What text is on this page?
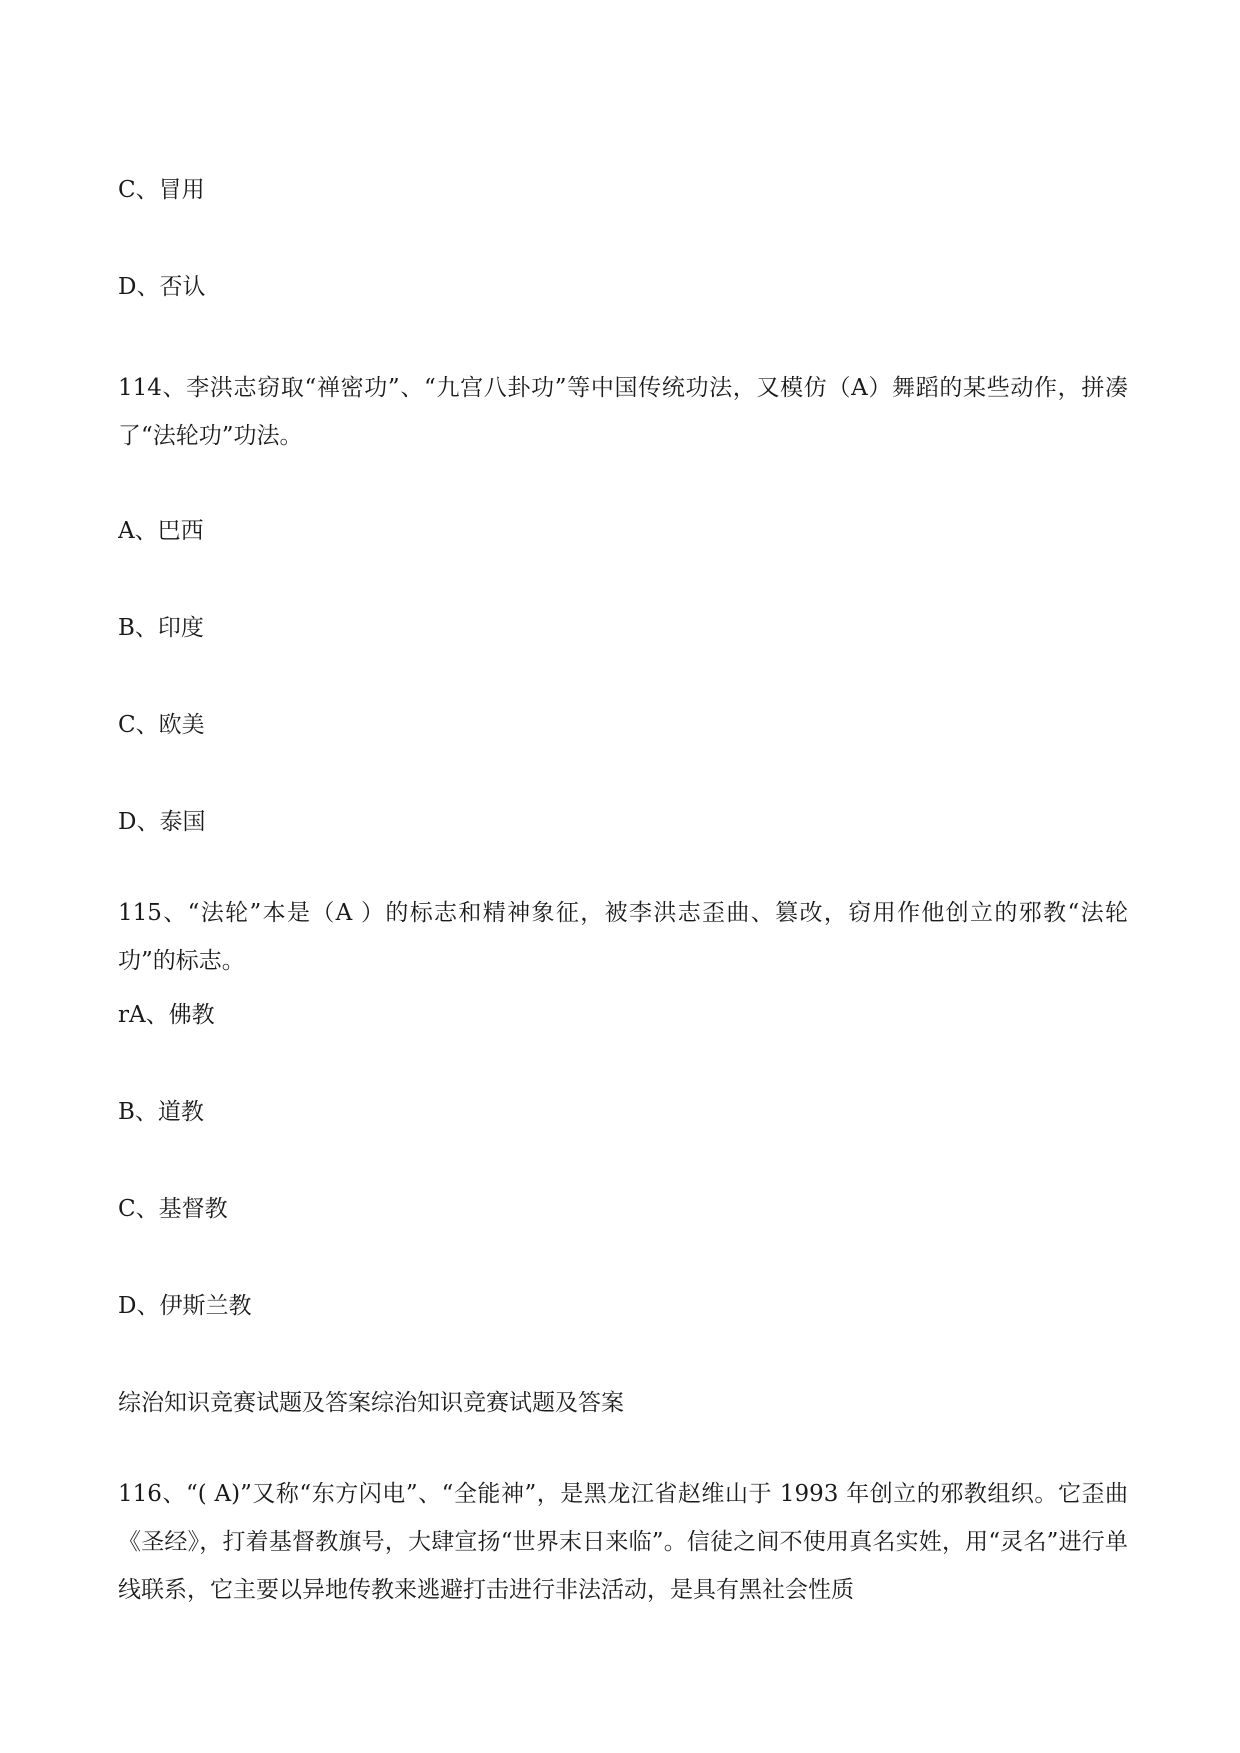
C、冒用
D、否认
114、李洪志窃取“禅密功”、“九宫八卦功”等中国传统功法，又模仿（A）舞蹈的某些动作，拼凑了“法轮功”功法。
A、巴西
B、印度
C、欧美
D、泰国
115、“法轮”本是（A ）的标志和精神象征，被李洪志歪曲、篡改，窃用作他创立的邪教“法轮功”的标志。
rA、佛教
B、道教
C、基督教
D、伊斯兰教
综治知识竞赛试题及答案综治知识竞赛试题及答案
116、“( A)”又称“东方闪电”、“全能神”，是黑龙江省赵维山于 1993 年创立的邪教组织。它歪曲《圣经》，打着基督教旗号，大肆宣扬“世界末日来临”。信徒之间不使用真名实姓，用“灵名”进行单线联系，它主要以异地传教来逃避打击进行非法活动，是具有黑社会性质
